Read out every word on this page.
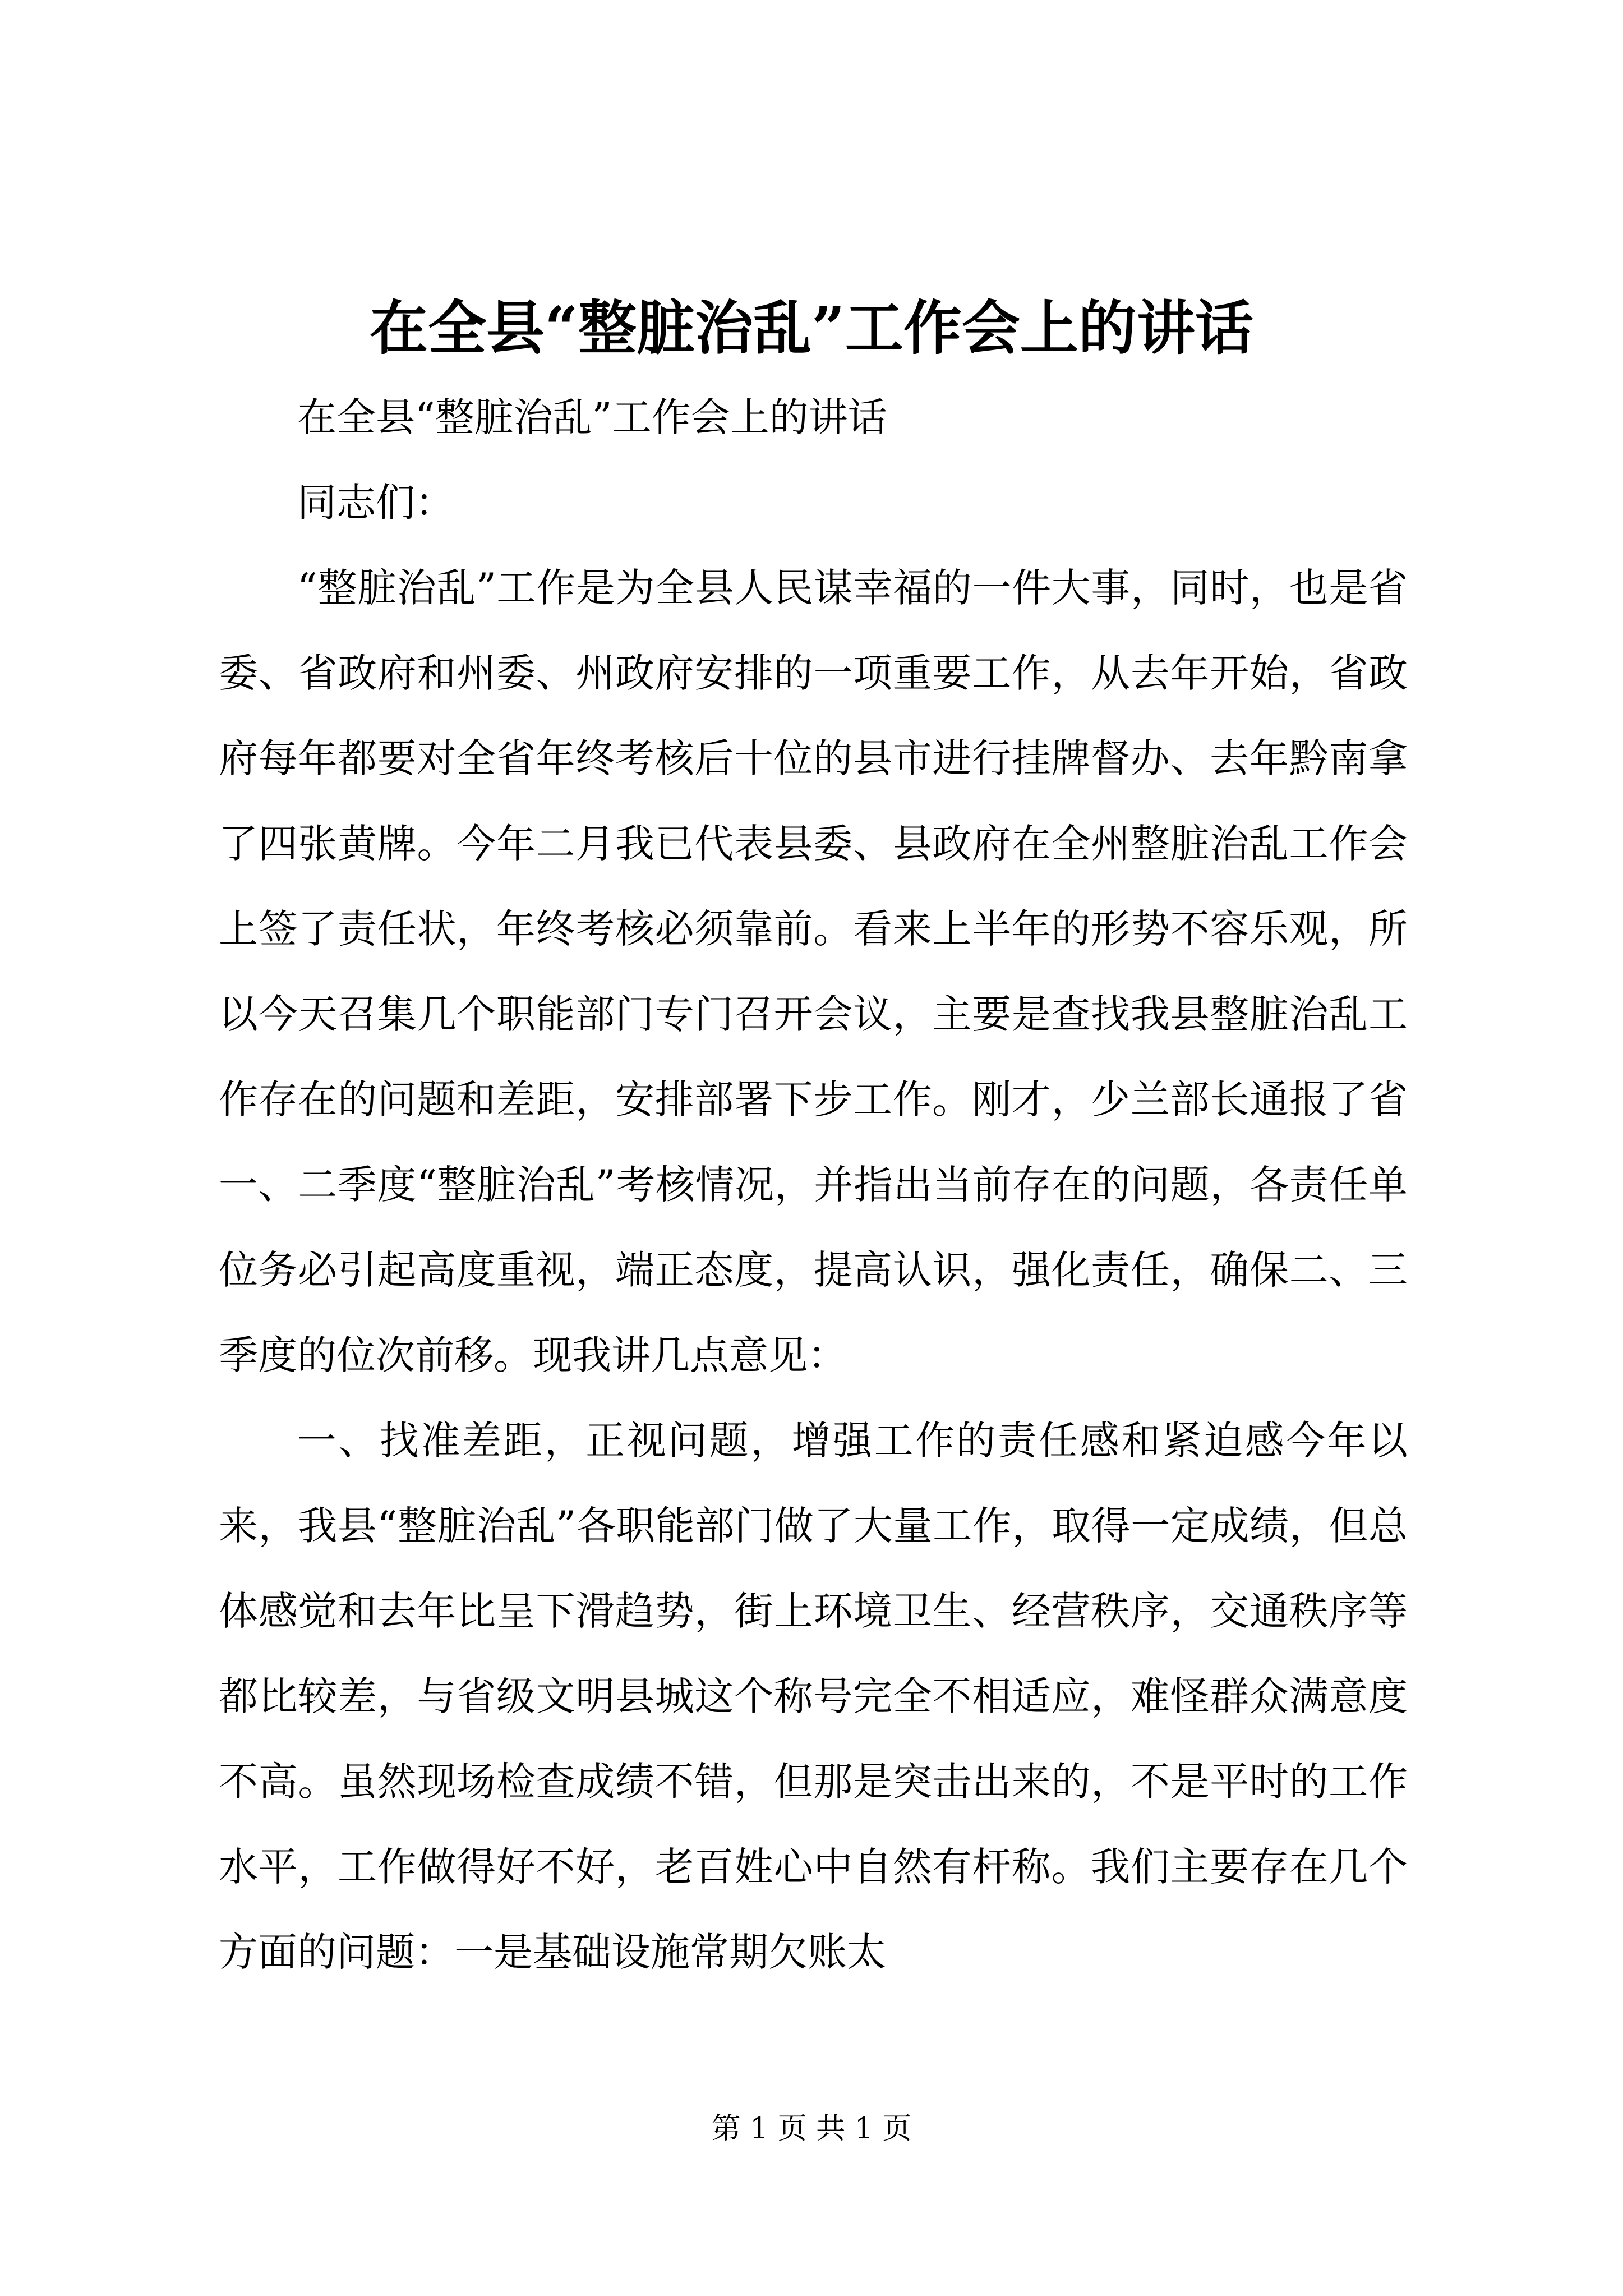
在全县“整脏治乱”工作会上的讲话

在全县“整脏治乱”工作会上的讲话

同志们：

“整脏治乱”工作是为全县人民谋幸福的一件大事，同时，也是省委、省政府和州委、州政府安排的一项重要工作，从去年开始，省政府每年都要对全省年终考核后十位的县市进行挂牌督办、去年黔南拿了四张黄牌。今年二月我已代表县委、县政府在全州整脏治乱工作会上签了责任状，年终考核必须靠前。看来上半年的形势不容乐观，所以今天召集几个职能部门专门召开会议，主要是查找我县整脏治乱工作存在的问题和差距，安排部署下步工作。刚才，少兰部长通报了省一、二季度“整脏治乱”考核情况，并指出当前存在的问题，各责任单位务必引起高度重视，端正态度，提高认识，强化责任，确保二、三季度的位次前移。现我讲几点意见：

一、找准差距，正视问题，增强工作的责任感和紧迫感今年以来，我县“整脏治乱”各职能部门做了大量工作，取得一定成绩，但总体感觉和去年比呈下滑趋势，街上环境卫生、经营秩序，交通秩序等都比较差，与省级文明县城这个称号完全不相适应，难怪群众满意度不高。虽然现场检查成绩不错，但那是突击出来的，不是平时的工作水平，工作做得好不好，老百姓心中自然有杆称。我们主要存在几个方面的问题：一是基础设施常期欠账太

第 1 页 共 1 页
